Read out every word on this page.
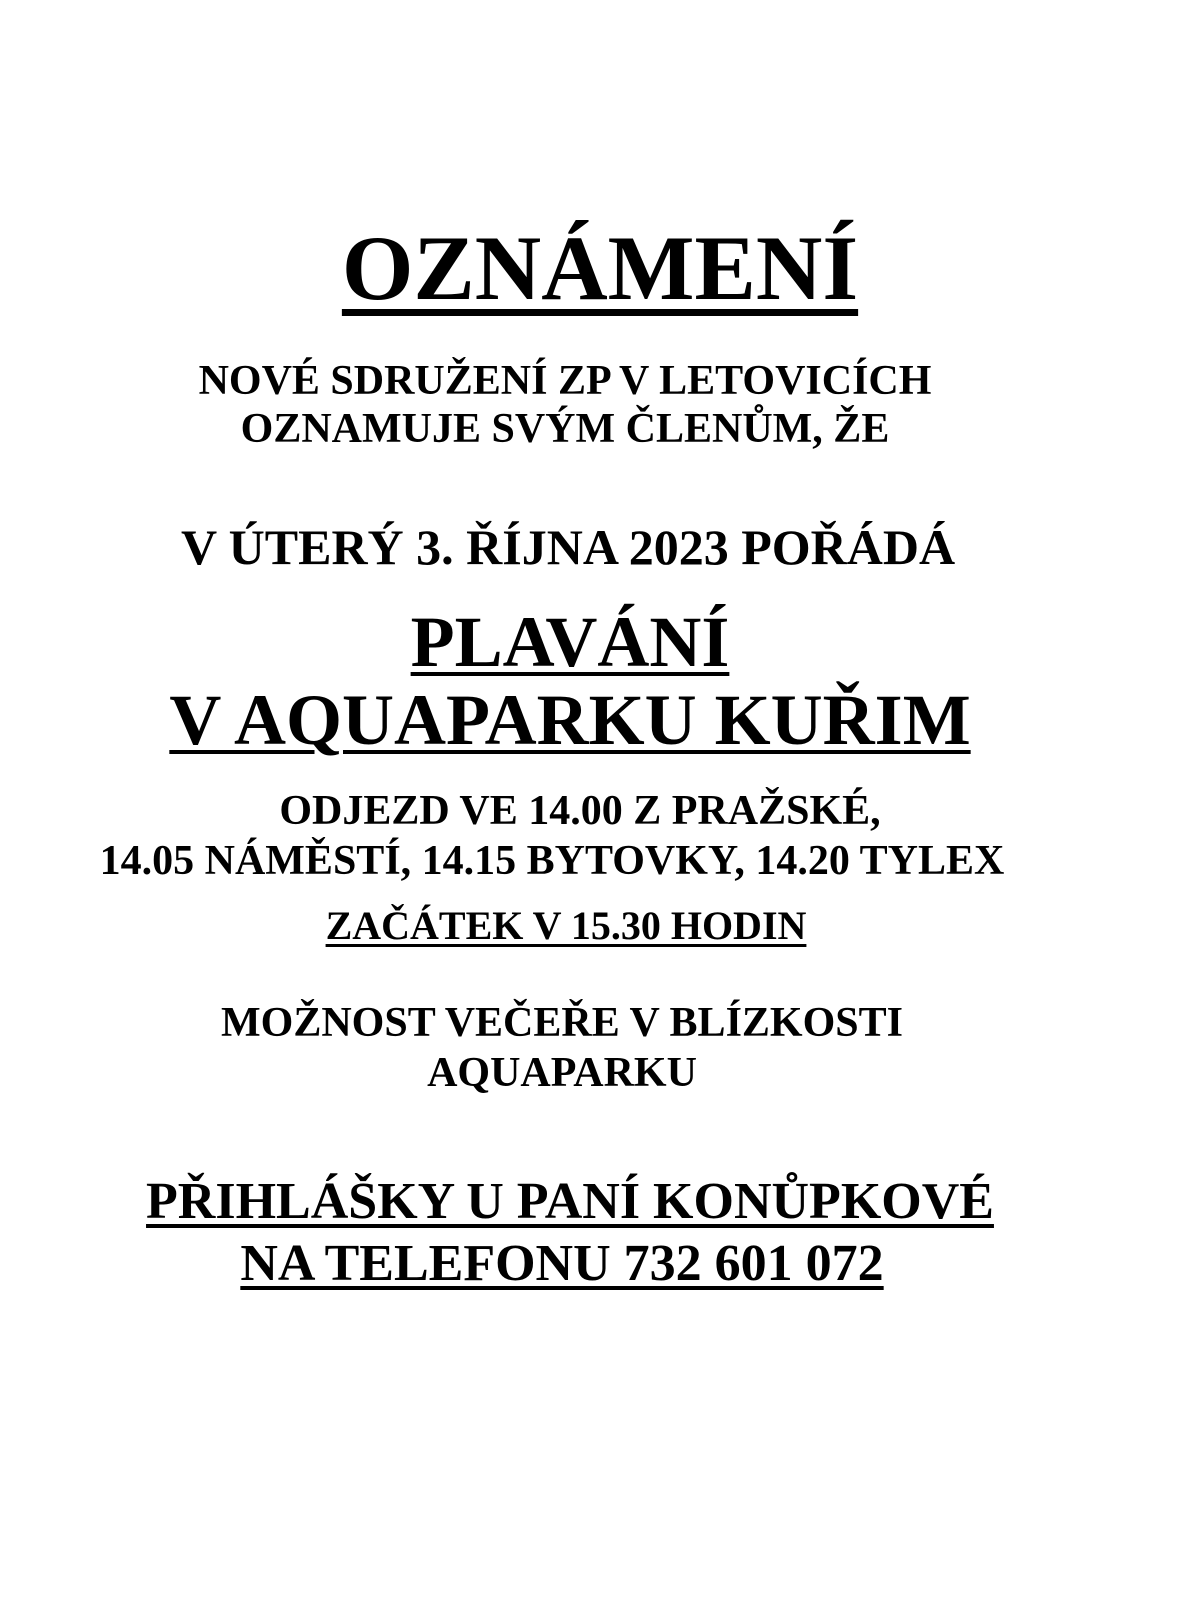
OZNÁMENÍ
NOVÉ SDRUŽENÍ ZP V LETOVICÍCH
OZNAMUJE SVÝM ČLENŮM, ŽE
V ÚTERÝ 3. ŘÍJNA 2023 POŘÁDÁ
PLAVÁNÍ
V AQUAPARKU KUŘIM
ODJEZD VE 14.00 Z PRAŽSKÉ,
14.05 NÁMĚSTÍ, 14.15 BYTOVKY, 14.20 TYLEX
ZAČÁTEK V 15.30 HODIN
MOŽNOST VEČEŘE V BLÍZKOSTI
AQUAPARKU
PŘIHLÁŠKY U PANÍ KONŮPKOVÉ
NA TELEFONU 732 601 072
